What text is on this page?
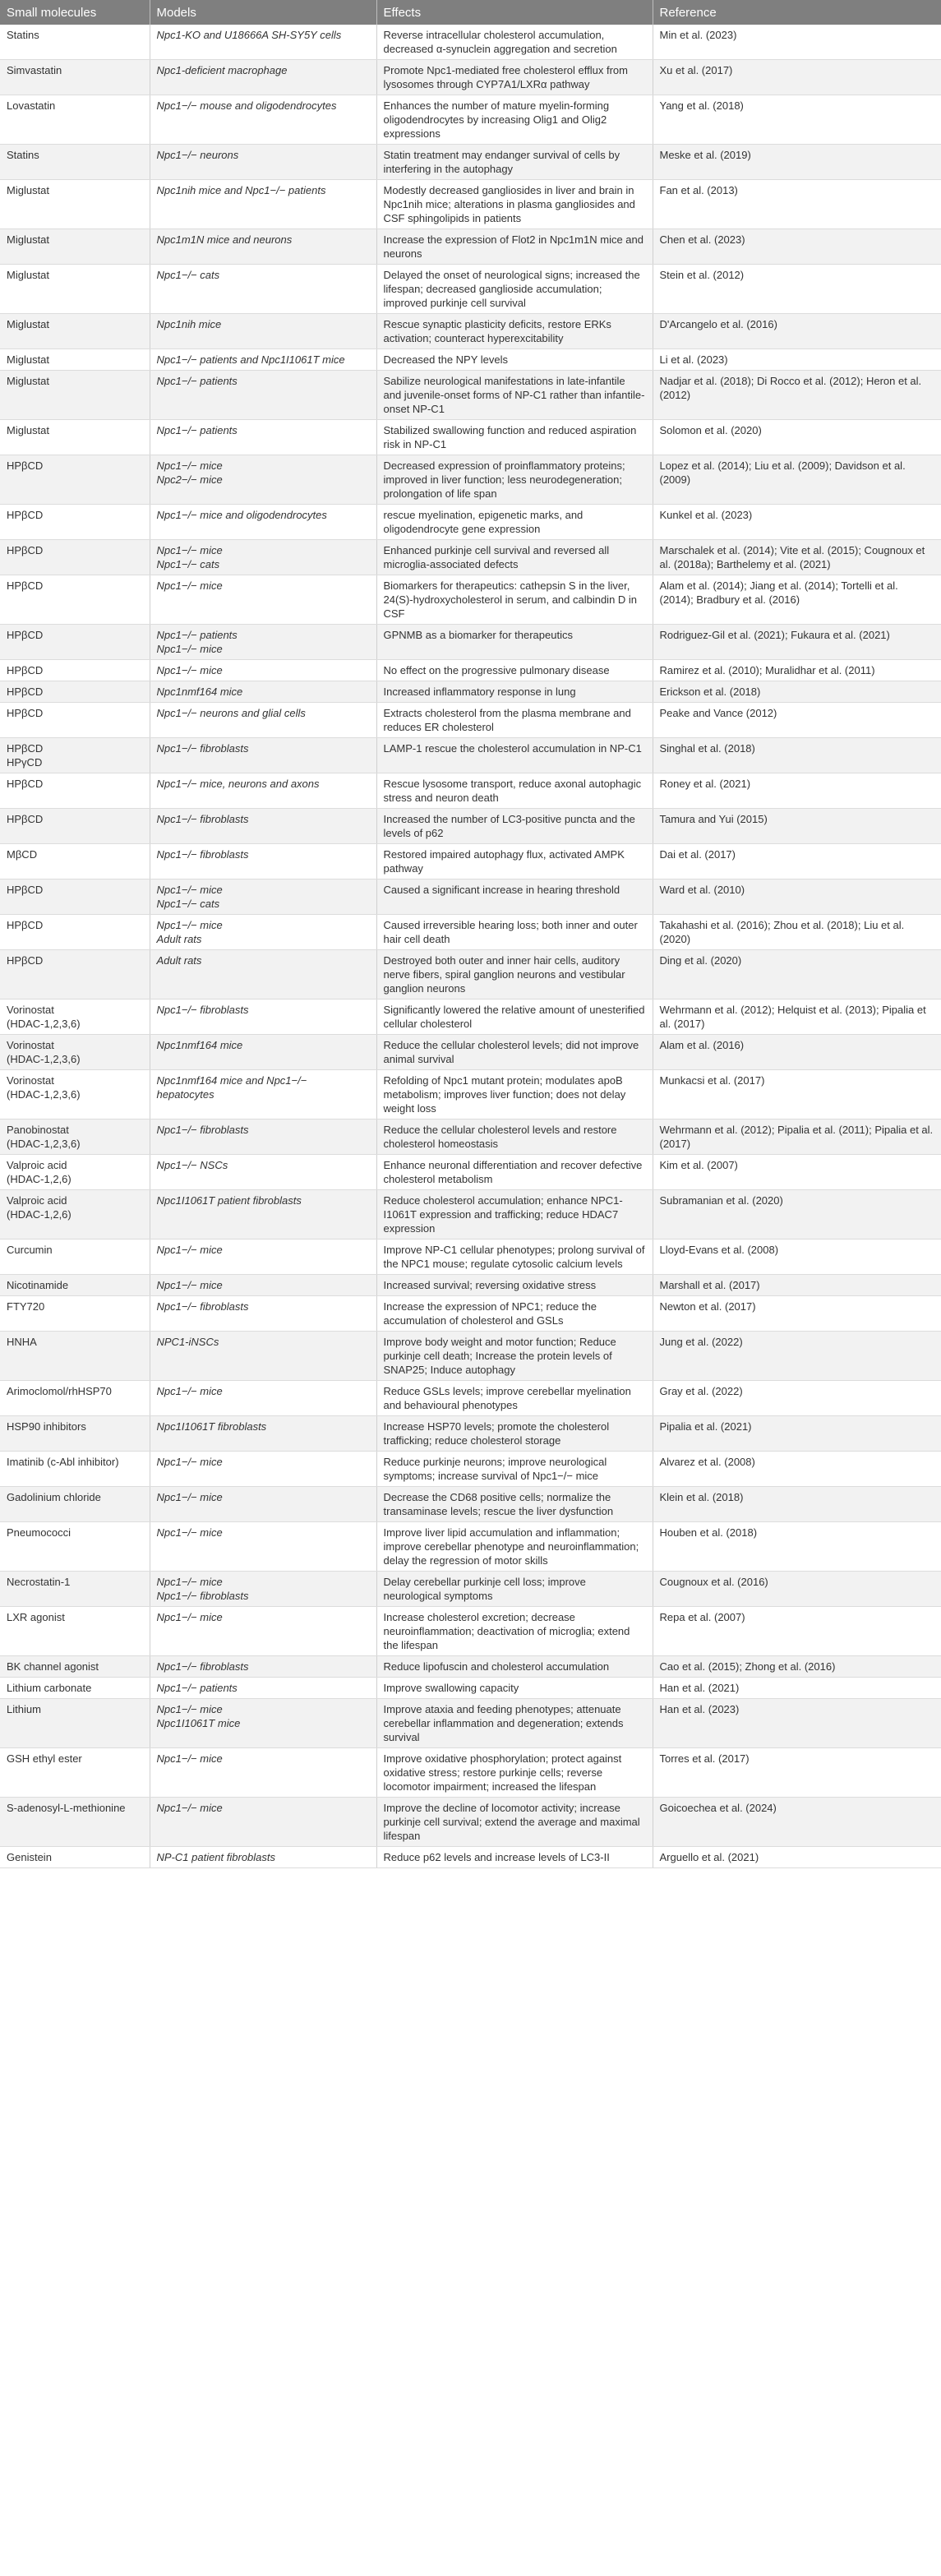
Small molecules	Models	Effects	Reference

Statins	Npc1-KO and U18666A SH-SY5Y cells	Reverse intracellular cholesterol accumulation, decreased α-synuclein aggregation and secretion	Min et al. (2023)

Simvastatin	Npc1-deficient macrophage	Promote Npc1-mediated free cholesterol efflux from lysosomes through CYP7A1/LXRα pathway	Xu et al. (2017)

Lovastatin	Npc1−/− mouse and oligodendrocytes	Enhances the number of mature myelin-forming oligodendrocytes by increasing Olig1 and Olig2 expressions	Yang et al. (2018)

Statins	Npc1−/− neurons	Statin treatment may endanger survival of cells by interfering in the autophagy	Meske et al. (2019)

Miglustat	Npc1nih mice and Npc1−/− patients	Modestly decreased gangliosides in liver and brain in Npc1nih mice; alterations in plasma gangliosides and CSF sphingolipids in patients	Fan et al. (2013)

Miglustat	Npc1m1N mice and neurons	Increase the expression of Flot2 in Npc1m1N mice and neurons	Chen et al. (2023)

Miglustat	Npc1−/− cats	Delayed the onset of neurological signs; increased the lifespan; decreased ganglioside accumulation; improved purkinje cell survival	Stein et al. (2012)

Miglustat	Npc1nih mice	Rescue synaptic plasticity deficits, restore ERKs activation; counteract hyperexcitability	D'Arcangelo et al. (2016)

Miglustat	Npc1−/− patients and Npc1I1061T mice	Decreased the NPY levels	Li et al. (2023)

Miglustat	Npc1−/− patients	Sabilize neurological manifestations in late-infantile and juvenile-onset forms of NP-C1 rather than infantile-onset NP-C1	Nadjar et al. (2018); Di Rocco et al. (2012); Heron et al. (2012)

Miglustat	Npc1−/− patients	Stabilized swallowing function and reduced aspiration risk in NP-C1	Solomon et al. (2020)

HPβCD	Npc1−/− mice
Npc2−/− mice	Decreased expression of proinflammatory proteins; improved in liver function; less neurodegeneration; prolongation of life span	Lopez et al. (2014); Liu et al. (2009); Davidson et al. (2009)

HPβCD	Npc1−/− mice and oligodendrocytes	rescue myelination, epigenetic marks, and oligodendrocyte gene expression	Kunkel et al. (2023)

HPβCD	Npc1−/− mice
Npc1−/− cats	Enhanced purkinje cell survival and reversed all microglia-associated defects	Marschalek et al. (2014); Vite et al. (2015); Cougnoux et al. (2018a); Barthelemy et al. (2021)

HPβCD	Npc1−/− mice	Biomarkers for therapeutics: cathepsin S in the liver, 24(S)-hydroxycholesterol in serum, and calbindin D in CSF	Alam et al. (2014); Jiang et al. (2014); Tortelli et al. (2014); Bradbury et al. (2016)

HPβCD	Npc1−/− patients
Npc1−/− mice	GPNMB as a biomarker for therapeutics	Rodriguez-Gil et al. (2021); Fukaura et al. (2021)

HPβCD	Npc1−/− mice	No effect on the progressive pulmonary disease	Ramirez et al. (2010); Muralidhar et al. (2011)

HPβCD	Npc1nmf164 mice	Increased inflammatory response in lung	Erickson et al. (2018)

HPβCD	Npc1−/− neurons and glial cells	Extracts cholesterol from the plasma membrane and reduces ER cholesterol	Peake and Vance (2012)

HPβCD
HPγCD	Npc1−/− fibroblasts	LAMP-1 rescue the cholesterol accumulation in NP-C1	Singhal et al. (2018)

HPβCD	Npc1−/− mice, neurons and axons	Rescue lysosome transport, reduce axonal autophagic stress and neuron death	Roney et al. (2021)

HPβCD	Npc1−/− fibroblasts	Increased the number of LC3-positive puncta and the levels of p62	Tamura and Yui (2015)

MβCD	Npc1−/− fibroblasts	Restored impaired autophagy flux, activated AMPK pathway	Dai et al. (2017)

HPβCD	Npc1−/− mice
Npc1−/− cats	Caused a significant increase in hearing threshold	Ward et al. (2010)

HPβCD	Npc1−/− mice
Adult rats	Caused irreversible hearing loss; both inner and outer hair cell death	Takahashi et al. (2016); Zhou et al. (2018); Liu et al. (2020)

HPβCD	Adult rats	Destroyed both outer and inner hair cells, auditory nerve fibers, spiral ganglion neurons and vestibular ganglion neurons	Ding et al. (2020)

Vorinostat
(HDAC-1,2,3,6)	Npc1−/− fibroblasts	Significantly lowered the relative amount of unesterified cellular cholesterol	Wehrmann et al. (2012); Helquist et al. (2013); Pipalia et al. (2017)

Vorinostat
(HDAC-1,2,3,6)	Npc1nmf164 mice	Reduce the cellular cholesterol levels; did not improve animal survival	Alam et al. (2016)

Vorinostat
(HDAC-1,2,3,6)	Npc1nmf164 mice and Npc1−/−
hepatocytes	Refolding of Npc1 mutant protein; modulates apoB metabolism; improves liver function; does not delay weight loss	Munkacsi et al. (2017)

Panobinostat
(HDAC-1,2,3,6)	Npc1−/− fibroblasts	Reduce the cellular cholesterol levels and restore cholesterol homeostasis	Wehrmann et al. (2012); Pipalia et al. (2011); Pipalia et al. (2017)

Valproic acid
(HDAC-1,2,6)	Npc1−/− NSCs	Enhance neuronal differentiation and recover defective cholesterol metabolism	Kim et al. (2007)

Valproic acid
(HDAC-1,2,6)	Npc1I1061T patient fibroblasts	Reduce cholesterol accumulation; enhance NPC1-I1061T expression and trafficking; reduce HDAC7 expression	Subramanian et al. (2020)

Curcumin	Npc1−/− mice	Improve NP-C1 cellular phenotypes; prolong survival of the NPC1 mouse; regulate cytosolic calcium levels	Lloyd-Evans et al. (2008)

Nicotinamide	Npc1−/− mice	Increased survival; reversing oxidative stress	Marshall et al. (2017)

FTY720	Npc1−/− fibroblasts	Increase the expression of NPC1; reduce the accumulation of cholesterol and GSLs	Newton et al. (2017)

HNHA	NPC1-iNSCs	Improve body weight and motor function; Reduce purkinje cell death; Increase the protein levels of SNAP25; Induce autophagy	Jung et al. (2022)

Arimoclomol/rhHSP70	Npc1−/− mice	Reduce GSLs levels; improve cerebellar myelination and behavioural phenotypes	Gray et al. (2022)

HSP90 inhibitors	Npc1I1061T fibroblasts	Increase HSP70 levels; promote the cholesterol trafficking; reduce cholesterol storage	Pipalia et al. (2021)

Imatinib (c-Abl inhibitor)	Npc1−/− mice	Reduce purkinje neurons; improve neurological symptoms; increase survival of Npc1−/− mice	Alvarez et al. (2008)

Gadolinium chloride	Npc1−/− mice	Decrease the CD68 positive cells; normalize the transaminase levels; rescue the liver dysfunction	Klein et al. (2018)

Pneumococci	Npc1−/− mice	Improve liver lipid accumulation and inflammation; improve cerebellar phenotype and neuroinflammation; delay the regression of motor skills	Houben et al. (2018)

Necrostatin-1	Npc1−/− mice
Npc1−/− fibroblasts	Delay cerebellar purkinje cell loss; improve neurological symptoms	Cougnoux et al. (2016)

LXR agonist	Npc1−/− mice	Increase cholesterol excretion; decrease neuroinflammation; deactivation of microglia; extend the lifespan	Repa et al. (2007)

BK channel agonist	Npc1−/− fibroblasts	Reduce lipofuscin and cholesterol accumulation	Cao et al. (2015); Zhong et al. (2016)

Lithium carbonate	Npc1−/− patients	Improve swallowing capacity	Han et al. (2021)

Lithium	Npc1−/− mice
Npc1I1061T mice	Improve ataxia and feeding phenotypes; attenuate cerebellar inflammation and degeneration; extends survival	Han et al. (2023)

GSH ethyl ester	Npc1−/− mice	Improve oxidative phosphorylation; protect against oxidative stress; restore purkinje cells; reverse locomotor impairment; increased the lifespan	Torres et al. (2017)

S-adenosyl-L-methionine	Npc1−/− mice	Improve the decline of locomotor activity; increase purkinje cell survival; extend the average and maximal lifespan	Goicoechea et al. (2024)

Genistein	NP-C1 patient fibroblasts	Reduce p62 levels and increase levels of LC3-II	Arguello et al. (2021)
